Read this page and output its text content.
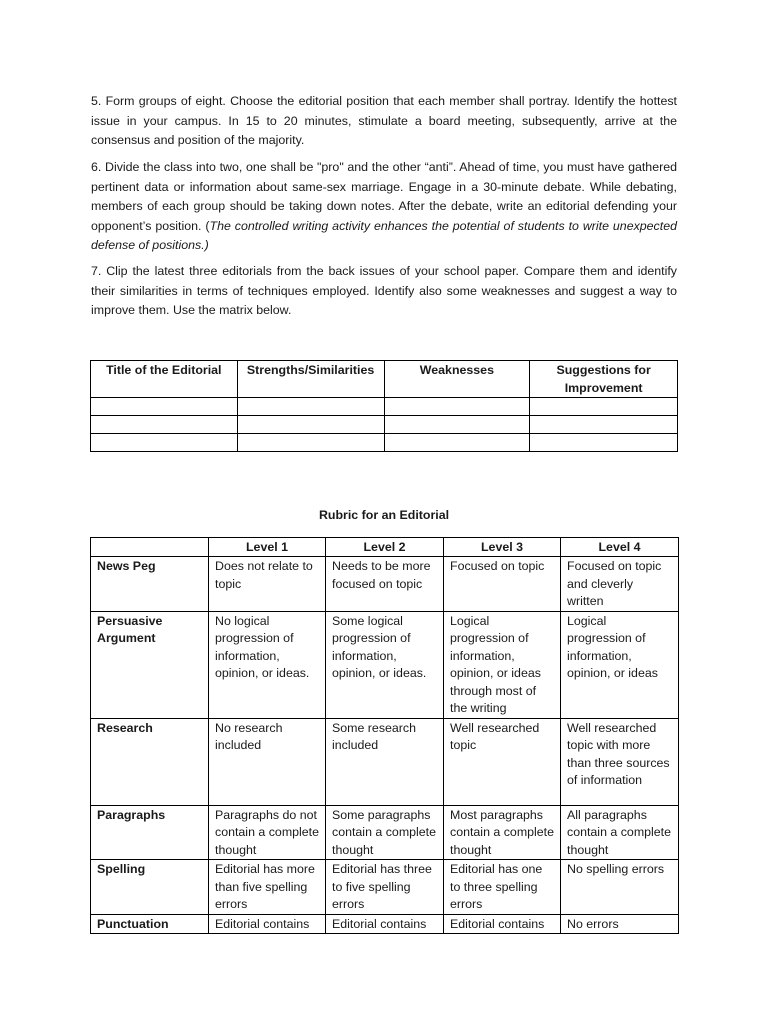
5. Form groups of eight. Choose the editorial position that each member shall portray. Identify the hottest issue in your campus. In 15 to 20 minutes, stimulate a board meeting, subsequently, arrive at the consensus and position of the majority.

6. Divide the class into two, one shall be "pro" and the other “anti”. Ahead of time, you must have gathered pertinent data or information about same-sex marriage. Engage in a 30-minute debate. While debating, members of each group should be taking down notes. After the debate, write an editorial defending your opponent’s position. (The controlled writing activity enhances the potential of students to write unexpected defense of positions.)

7. Clip the latest three editorials from the back issues of your school paper. Compare them and identify their similarities in terms of techniques employed. Identify also some weaknesses and suggest a way to improve them. Use the matrix below.

Title of the Editorial	Strengths/Similarities	Weaknesses	Suggestions for Improvement

Rubric for an Editorial
	Level 1	Level 2	Level 3	Level 4
News Peg	Does not relate to topic	Needs to be more focused on topic	Focused on topic	Focused on topic and cleverly written
Persuasive Argument	No logical progression of information, opinion, or ideas.	Some logical progression of information, opinion, or ideas.	Logical progression of information, opinion, or ideas through most of the writing	Logical progression of information, opinion, or ideas
Research	No research included	Some research included	Well researched topic	Well researched topic with more than three sources of information
Paragraphs	Paragraphs do not contain a complete thought	Some paragraphs contain a complete thought	Most paragraphs contain a complete thought	All paragraphs contain a complete thought
Spelling	Editorial has more than five spelling errors	Editorial has three to five spelling errors	Editorial has one to three spelling errors	No spelling errors
Punctuation	Editorial contains	Editorial contains	Editorial contains	No errors
